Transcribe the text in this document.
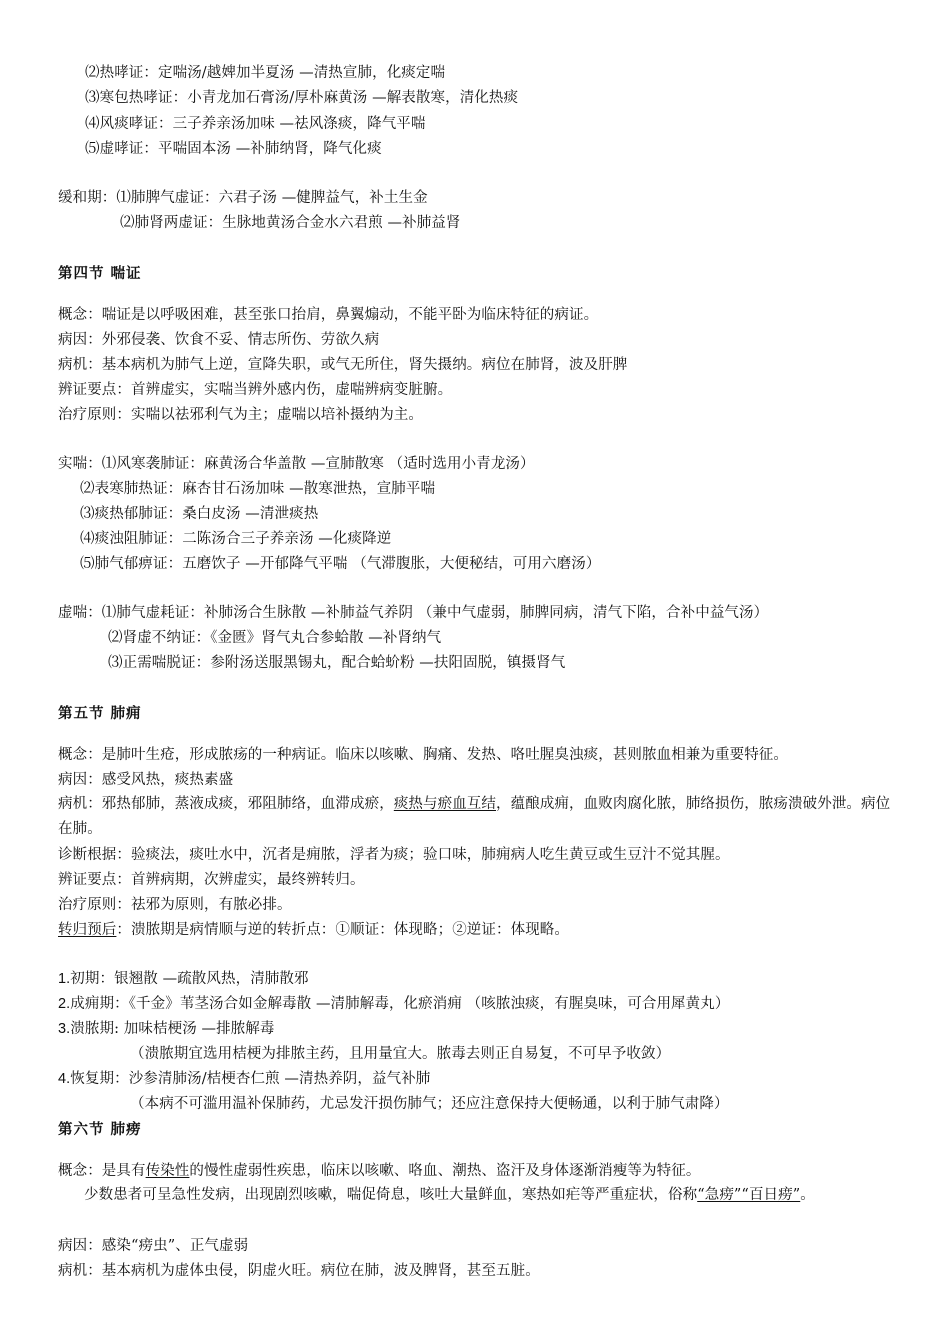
⑵热哮证：定喘汤/越婢加半夏汤 —清热宣肺，化痰定喘
⑶寒包热哮证：小青龙加石膏汤/厚朴麻黄汤 —解表散寒，清化热痰
⑷风痰哮证：三子养亲汤加味 —祛风涤痰，降气平喘
⑸虚哮证：平喘固本汤 —补肺纳肾，降气化痰
缓和期：⑴肺脾气虚证：六君子汤 —健脾益气，补土生金
⑵肺肾两虚证：生脉地黄汤合金水六君煎 —补肺益肾
第四节 喘证
概念：喘证是以呼吸困难，甚至张口抬肩，鼻翼煽动，不能平卧为临床特征的病证。
病因：外邪侵袭、饮食不妥、情志所伤、劳欲久病
病机：基本病机为肺气上逆，宣降失职，或气无所住，肾失摄纳。病位在肺肾，波及肝脾
辨证要点：首辨虚实，实喘当辨外感内伤，虚喘辨病变脏腑。
治疗原则：实喘以祛邪利气为主；虚喘以培补摄纳为主。
实喘：⑴风寒袭肺证：麻黄汤合华盖散 —宣肺散寒 （适时选用小青龙汤）
⑵表寒肺热证：麻杏甘石汤加味 —散寒泄热，宣肺平喘
⑶痰热郁肺证：桑白皮汤 —清泄痰热
⑷痰浊阻肺证：二陈汤合三子养亲汤 —化痰降逆
⑸肺气郁痹证：五磨饮子 —开郁降气平喘 （气滞腹胀，大便秘结，可用六磨汤）
虚喘：⑴肺气虚耗证：补肺汤合生脉散 —补肺益气养阴 （兼中气虚弱，肺脾同病，清气下陷，合补中益气汤）
⑵肾虚不纳证：《金匮》肾气丸合参蛤散 —补肾纳气
⑶正需喘脱证：参附汤送服黑锡丸，配合蛤蚧粉 —扶阳固脱，镇摄肾气
第五节 肺痈
概念：是肺叶生疮，形成脓疡的一种病证。临床以咳嗽、胸痛、发热、咯吐腥臭浊痰，甚则脓血相兼为重要特征。
病因：感受风热，痰热素盛
病机：邪热郁肺，蒸液成痰，邪阻肺络，血滞成瘀，痰热与瘀血互结，蕴酿成痈，血败肉腐化脓，肺络损伤，脓疡溃破外泄。病位在肺。
诊断根据：验痰法，痰吐水中，沉者是痈脓，浮者为痰；验口味，肺痈病人吃生黄豆或生豆汁不觉其腥。
辨证要点：首辨病期，次辨虚实，最终辨转归。
治疗原则：祛邪为原则，有脓必排。
转归预后：溃脓期是病情顺与逆的转折点：①顺证：体现略；②逆证：体现略。
1.初期：银翘散 —疏散风热，清肺散邪
2.成痈期：《千金》苇茎汤合如金解毒散 —清肺解毒，化瘀消痈 （咳脓浊痰，有腥臭味，可合用犀黄丸）
3.溃脓期: 加味桔梗汤 —排脓解毒
（溃脓期宜选用桔梗为排脓主药，且用量宜大。脓毒去则正自易复，不可早予收敛）
4.恢复期：沙参清肺汤/桔梗杏仁煎 —清热养阴，益气补肺
（本病不可滥用温补保肺药，尤忌发汗损伤肺气；还应注意保持大便畅通，以利于肺气肃降）
第六节 肺痨
概念：是具有传染性的慢性虚弱性疾患，临床以咳嗽、咯血、潮热、盗汗及身体逐渐消瘦等为特征。
少数患者可呈急性发病，出现剧烈咳嗽，喘促倚息，咳吐大量鲜血，寒热如疟等严重症状，俗称“急痨”“百日痨”。
病因：感染“痨虫”、正气虚弱
病机：基本病机为虚体虫侵，阴虚火旺。病位在肺，波及脾肾，甚至五脏。
